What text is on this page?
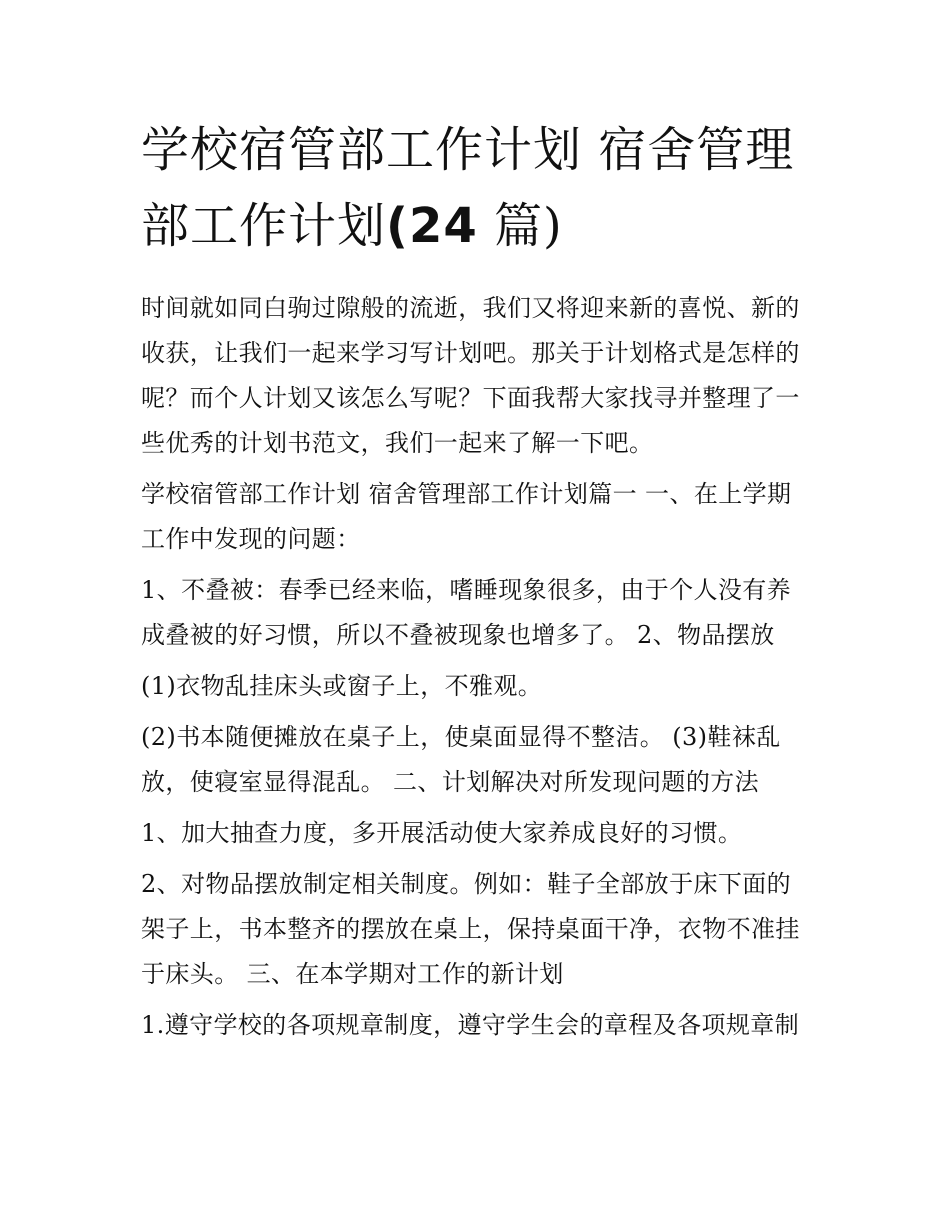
学校宿管部工作计划 宿舍管理
部工作计划(24 篇)

时间就如同白驹过隙般的流逝，我们又将迎来新的喜悦、新的收获，让我们一起来学习写计划吧。那关于计划格式是怎样的呢？而个人计划又该怎么写呢？下面我帮大家找寻并整理了一些优秀的计划书范文，我们一起来了解一下吧。

学校宿管部工作计划 宿舍管理部工作计划篇一 一、在上学期工作中发现的问题：

1、不叠被：春季已经来临，嗜睡现象很多，由于个人没有养成叠被的好习惯，所以不叠被现象也增多了。 2、物品摆放

(1)衣物乱挂床头或窗子上，不雅观。

(2)书本随便摊放在桌子上，使桌面显得不整洁。 (3)鞋袜乱放，使寝室显得混乱。 二、计划解决对所发现问题的方法

1、加大抽查力度，多开展活动使大家养成良好的习惯。

2、对物品摆放制定相关制度。例如：鞋子全部放于床下面的架子上，书本整齐的摆放在桌上，保持桌面干净，衣物不准挂于床头。 三、在本学期对工作的新计划

1.遵守学校的各项规章制度，遵守学生会的章程及各项规章制
